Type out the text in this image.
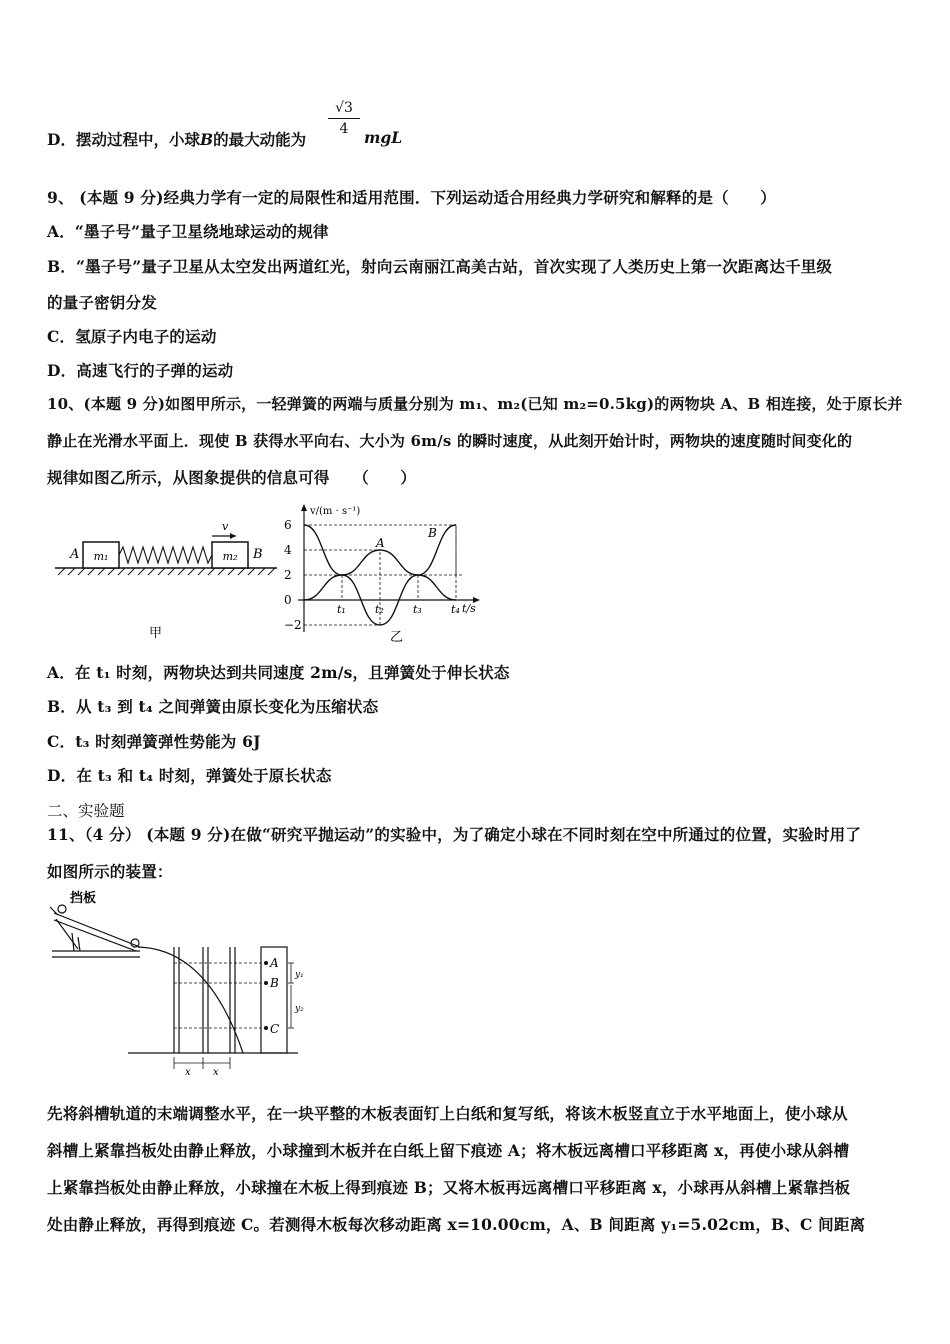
D．摆动过程中，小球B的最大动能为
$\frac{√3}{4}$
mgL
9、 (本题 9 分)经典力学有一定的局限性和适用范围．下列运动适合用经典力学研究和解释的是（　　）
A．“墨子号”量子卫星绕地球运动的规律
B．“墨子号”量子卫星从太空发出两道红光，射向云南丽江高美古站，首次实现了人类历史上第一次距离达千里级
的量子密钥分发
C．氢原子内电子的运动
D．高速飞行的子弹的运动
10、(本题 9 分)如图甲所示，一轻弹簧的两端与质量分别为 m₁、m₂(已知 m₂=0.5kg)的两物块 A、B 相连接，处于原长并
静止在光滑水平面上．现使 B 获得水平向右、大小为 6m/s 的瞬时速度，从此刻开始计时，两物块的速度随时间变化的
规律如图乙所示，从图象提供的信息可得　　（　　）
m₁	m₂
A	B
v
甲
v/(m · s⁻¹)
t/s
6
4
2
0
−2
t₁	t₂	t₃	t₄
A
B
乙
A．在 t₁ 时刻，两物块达到共同速度 2m/s，且弹簧处于伸长状态
B．从 t₃ 到 t₄ 之间弹簧由原长变化为压缩状态
C．t₃ 时刻弹簧弹性势能为 6J
D．在 t₃ 和 t₄ 时刻，弹簧处于原长状态
二、实验题
11、（4 分） (本题 9 分)在做“研究平抛运动”的实验中，为了确定小球在不同时刻在空中所通过的位置，实验时用了
如图所示的装置：
A
B
C
y₁
y₂
x x
挡板
先将斜槽轨道的末端调整水平，在一块平整的木板表面钉上白纸和复写纸，将该木板竖直立于水平地面上，使小球从
斜槽上紧靠挡板处由静止释放，小球撞到木板并在白纸上留下痕迹 A；将木板远离槽口平移距离 x，再使小球从斜槽
上紧靠挡板处由静止释放，小球撞在木板上得到痕迹 B；又将木板再远离槽口平移距离 x，小球再从斜槽上紧靠挡板
处由静止释放，再得到痕迹 C。若测得木板每次移动距离 x=10.00cm，A、B 间距离 y₁=5.02cm，B、C 间距离
